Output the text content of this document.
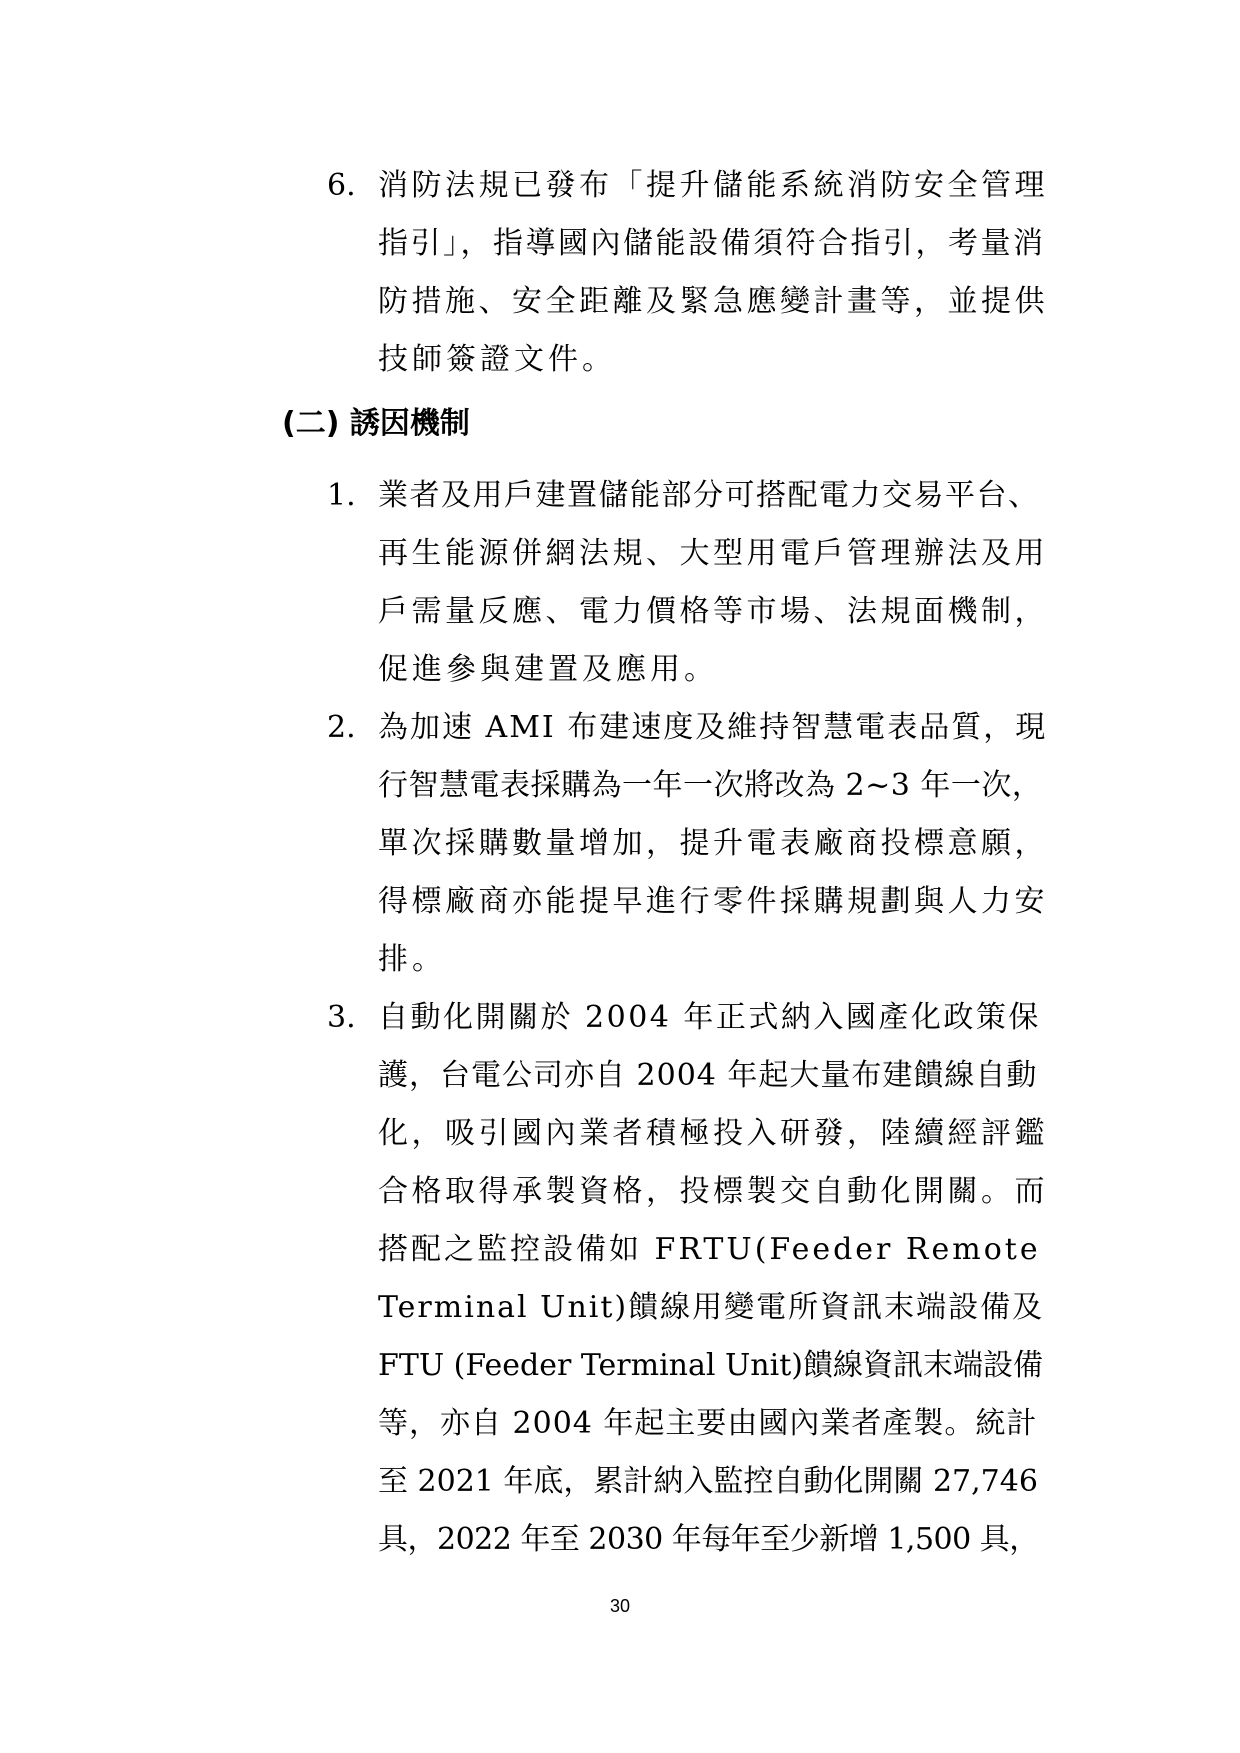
6. 消防法規已發布「提升儲能系統消防安全管理
指引」，指導國內儲能設備須符合指引，考量消
防措施、安全距離及緊急應變計畫等，並提供
技師簽證文件。
(二) 誘因機制
1. 業者及用戶建置儲能部分可搭配電力交易平台、
再生能源併網法規、大型用電戶管理辦法及用
戶需量反應、電力價格等市場、法規面機制，
促進參與建置及應用。
2. 為加速 AMI 布建速度及維持智慧電表品質，現
行智慧電表採購為一年一次將改為 2~3 年一次，
單次採購數量增加，提升電表廠商投標意願，
得標廠商亦能提早進行零件採購規劃與人力安
排。
3. 自動化開關於 2004 年正式納入國產化政策保
護，台電公司亦自 2004 年起大量布建饋線自動
化，吸引國內業者積極投入研發，陸續經評鑑
合格取得承製資格，投標製交自動化開關。而
搭配之監控設備如 FRTU(Feeder Remote
Terminal Unit)饋線用變電所資訊末端設備及
FTU (Feeder Terminal Unit)饋線資訊末端設備
等，亦自 2004 年起主要由國內業者產製。統計
至 2021 年底，累計納入監控自動化開關 27,746
具，2022 年至 2030 年每年至少新增 1,500 具，
30
